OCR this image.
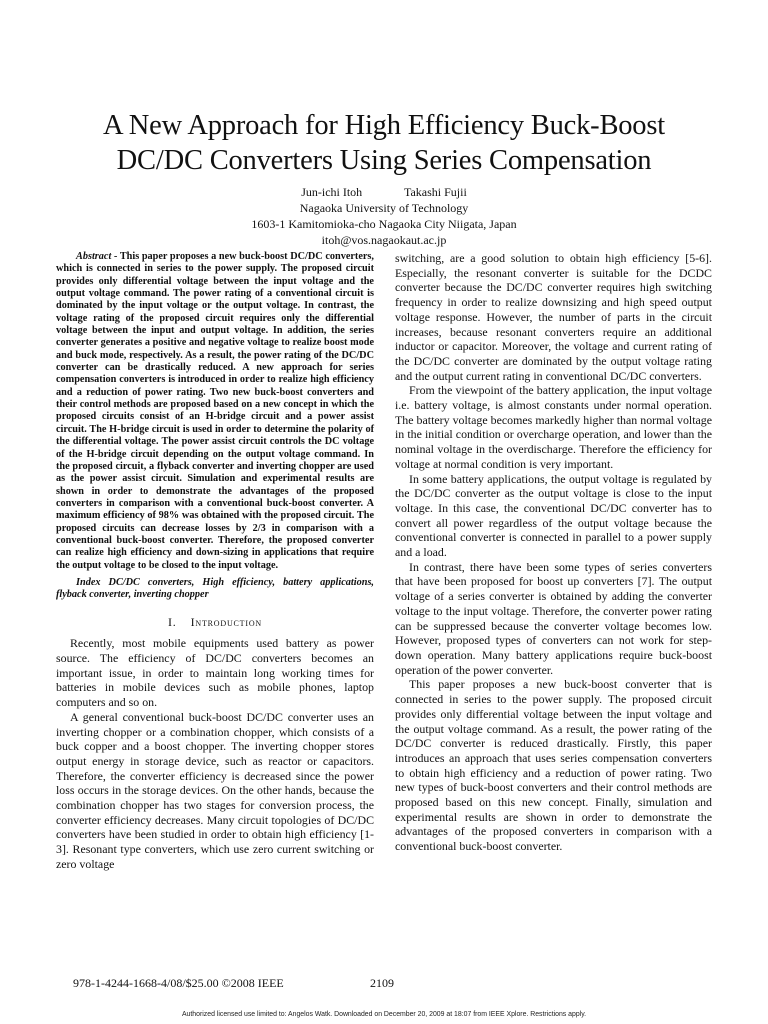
A New Approach for High Efficiency Buck-Boost
DC/DC Converters Using Series Compensation
Jun-ichi Itoh              Takashi Fujii
Nagaoka University of Technology
1603-1 Kamitomioka-cho Nagaoka City Niigata, Japan
itoh@vos.nagaokaut.ac.jp

Abstract - This paper proposes a new buck-boost DC/DC converters, which is connected in series to the power supply. The proposed circuit provides only differential voltage between the input voltage and the output voltage command. The power rating of a conventional circuit is dominated by the input voltage or the output voltage. In contrast, the voltage rating of the proposed circuit requires only the differential voltage between the input and output voltage. In addition, the series converter generates a positive and negative voltage to realize boost mode and buck mode, respectively. As a result, the power rating of the DC/DC converter can be drastically reduced. A new approach for series compensation converters is introduced in order to realize high efficiency and a reduction of power rating. Two new buck-boost converters and their control methods are proposed based on a new concept in which the proposed circuits consist of an H-bridge circuit and a power assist circuit. The H-bridge circuit is used in order to determine the polarity of the differential voltage. The power assist circuit controls the DC voltage of the H-bridge circuit depending on the output voltage command. In the proposed circuit, a flyback converter and inverting chopper are used as the power assist circuit. Simulation and experimental results are shown in order to demonstrate the advantages of the proposed converters in comparison with a conventional buck-boost converter. A maximum efficiency of 98% was obtained with the proposed circuit. The proposed circuits can decrease losses by 2/3 in comparison with a conventional buck-boost converter. Therefore, the proposed converter can realize high efficiency and down-sizing in applications that require the output voltage to be closed to the input voltage.

Index DC/DC converters, High efficiency, battery applications, flyback converter, inverting chopper

I. Introduction

Recently, most mobile equipments used battery as power source. The efficiency of DC/DC converters becomes an important issue, in order to maintain long working times for batteries in mobile devices such as mobile phones, laptop computers and so on.

A general conventional buck-boost DC/DC converter uses an inverting chopper or a combination chopper, which consists of a buck copper and a boost chopper. The inverting chopper stores output energy in storage device, such as reactor or capacitors. Therefore, the converter efficiency is decreased since the power loss occurs in the storage devices. On the other hands, because the combination chopper has two stages for conversion process, the converter efficiency decreases. Many circuit topologies of DC/DC converters have been studied in order to obtain high efficiency [1-3]. Resonant type converters, which use zero current switching or zero voltage

switching, are a good solution to obtain high efficiency [5-6]. Especially, the resonant converter is suitable for the DCDC converter because the DC/DC converter requires high switching frequency in order to realize downsizing and high speed output voltage response. However, the number of parts in the circuit increases, because resonant converters require an additional inductor or capacitor. Moreover, the voltage and current rating of the DC/DC converter are dominated by the output voltage rating and the output current rating in conventional DC/DC converters.

From the viewpoint of the battery application, the input voltage i.e. battery voltage, is almost constants under normal operation. The battery voltage becomes markedly higher than normal voltage in the initial condition or overcharge operation, and lower than the nominal voltage in the overdischarge. Therefore the efficiency for voltage at normal condition is very important.

In some battery applications, the output voltage is regulated by the DC/DC converter as the output voltage is close to the input voltage. In this case, the conventional DC/DC converter has to convert all power regardless of the output voltage because the conventional converter is connected in parallel to a power supply and a load.

In contrast, there have been some types of series converters that have been proposed for boost up converters [7]. The output voltage of a series converter is obtained by adding the converter voltage to the input voltage. Therefore, the converter power rating can be suppressed because the converter voltage becomes low. However, proposed types of converters can not work for step-down operation. Many battery applications require buck-boost operation of the power converter.

This paper proposes a new buck-boost converter that is connected in series to the power supply. The proposed circuit provides only differential voltage between the input voltage and the output voltage command. As a result, the power rating of the DC/DC converter is reduced drastically. Firstly, this paper introduces an approach that uses series compensation converters to obtain high efficiency and a reduction of power rating. Two new types of buck-boost converters and their control methods are proposed based on this new concept. Finally, simulation and experimental results are shown in order to demonstrate the advantages of the proposed converters in comparison with a conventional buck-boost converter.

978-1-4244-1668-4/08/$25.00 ©2008 IEEE	2109
Authorized licensed use limited to: Angelos Watk. Downloaded on December 20, 2009 at 18:07 from IEEE Xplore. Restrictions apply.
